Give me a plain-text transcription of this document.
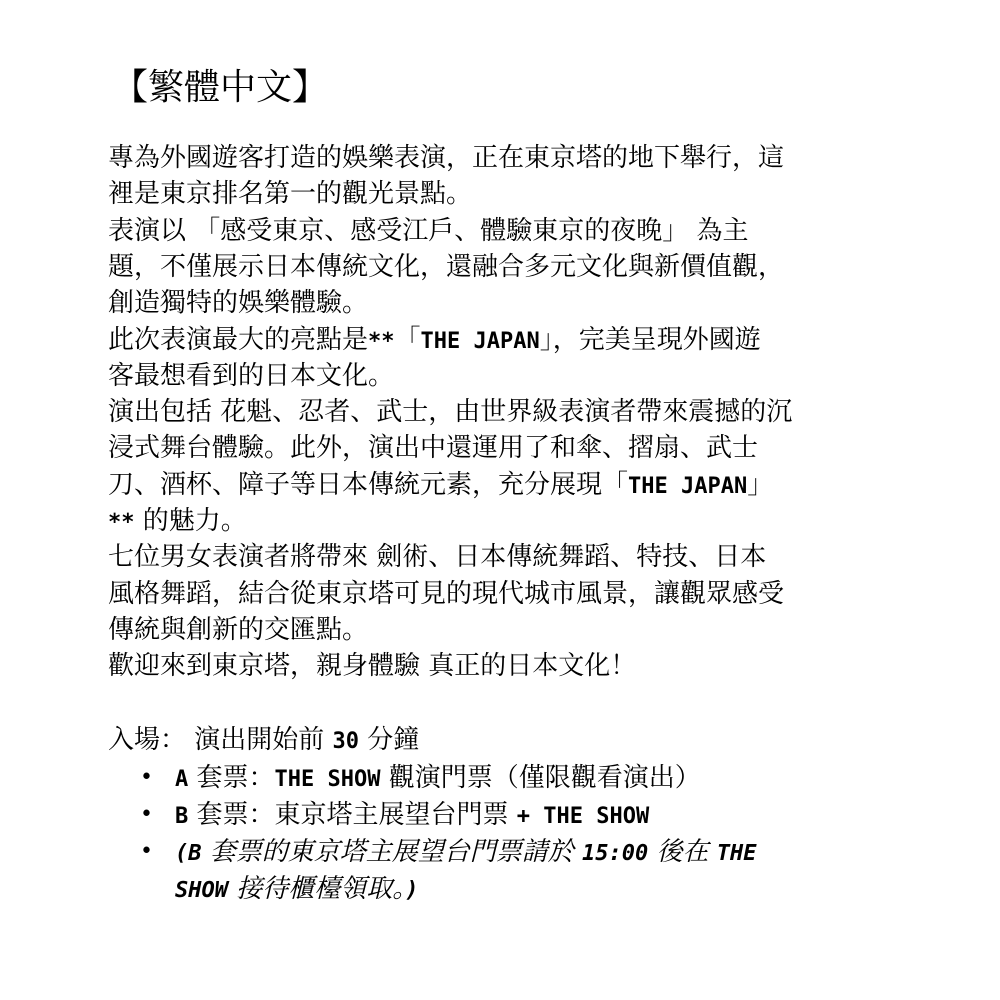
【繁體中文】
專為外國遊客打造的娛樂表演，正在東京塔的地下舉行，這
裡是東京排名第一的觀光景點。
表演以 「感受東京、感受江戶、體驗東京的夜晚」 為主
題，不僅展示日本傳統文化，還融合多元文化與新價值觀，
創造獨特的娛樂體驗。
此次表演最大的亮點是**「THE JAPAN」，完美呈現外國遊
客最想看到的日本文化。
演出包括 花魁、忍者、武士，由世界級表演者帶來震撼的沉
浸式舞台體驗。此外，演出中還運用了和傘、摺扇、武士
刀、酒杯、障子等日本傳統元素，充分展現「THE JAPAN」
** 的魅力。
七位男女表演者將帶來 劍術、日本傳統舞蹈、特技、日本
風格舞蹈，結合從東京塔可見的現代城市風景，讓觀眾感受
傳統與創新的交匯點。
歡迎來到東京塔，親身體驗 真正的日本文化！
入場： 演出開始前 30 分鐘
• A 套票：THE SHOW 觀演門票（僅限觀看演出）
• B 套票：東京塔主展望台門票 + THE SHOW
• (B 套票的東京塔主展望台門票請於 15:00 後在 THE
SHOW 接待櫃檯領取。)
